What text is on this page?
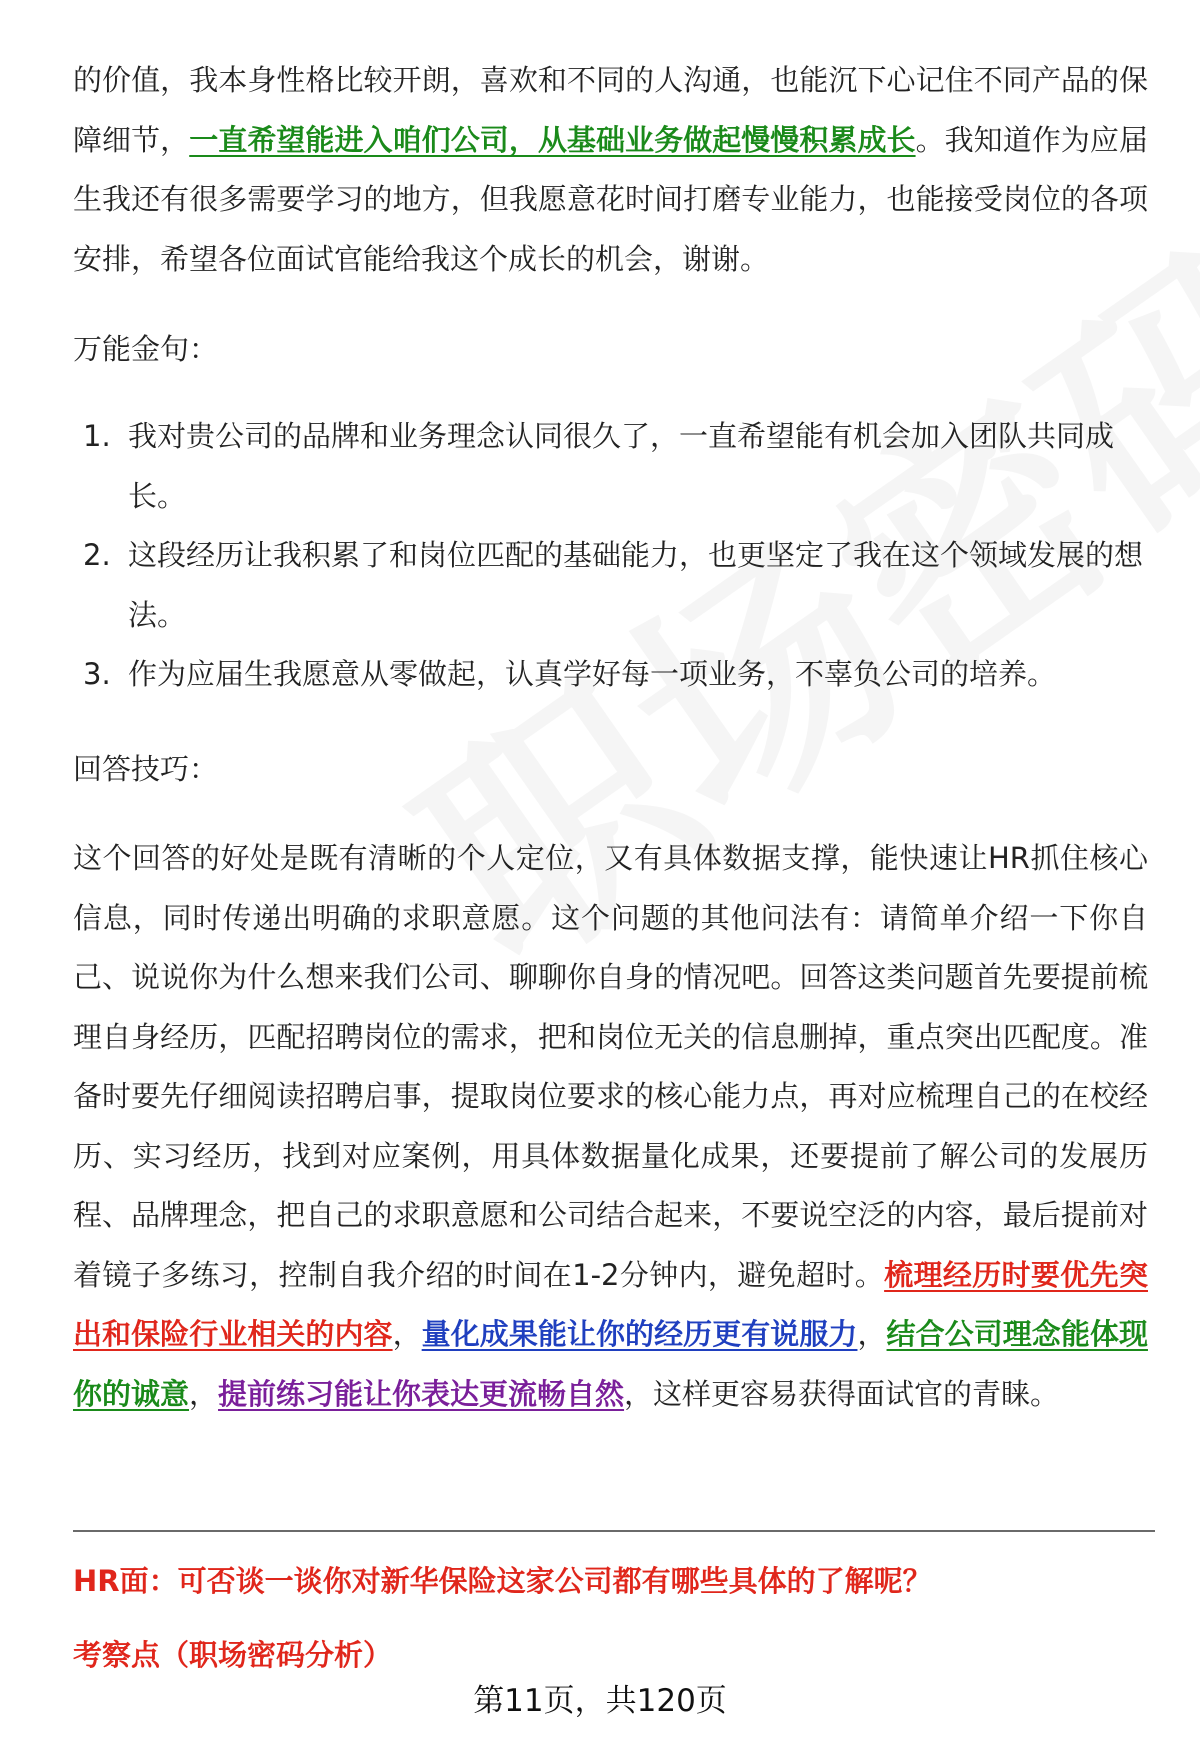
的价值，我本身性格比较开朗，喜欢和不同的人沟通，也能沉下心记住不同产品的保障细节，一直希望能进入咱们公司，从基础业务做起慢慢积累成长。我知道作为应届生我还有很多需要学习的地方，但我愿意花时间打磨专业能力，也能接受岗位的各项安排，希望各位面试官能给我这个成长的机会，谢谢。

万能金句：

1. 我对贵公司的品牌和业务理念认同很久了，一直希望能有机会加入团队共同成长。
2. 这段经历让我积累了和岗位匹配的基础能力，也更坚定了我在这个领域发展的想法。
3. 作为应届生我愿意从零做起，认真学好每一项业务，不辜负公司的培养。

回答技巧：

这个回答的好处是既有清晰的个人定位，又有具体数据支撑，能快速让HR抓住核心信息，同时传递出明确的求职意愿。这个问题的其他问法有：请简单介绍一下你自己、说说你为什么想来我们公司、聊聊你自身的情况吧。回答这类问题首先要提前梳理自身经历，匹配招聘岗位的需求，把和岗位无关的信息删掉，重点突出匹配度。准备时要先仔细阅读招聘启事，提取岗位要求的核心能力点，再对应梳理自己的在校经历、实习经历，找到对应案例，用具体数据量化成果，还要提前了解公司的发展历程、品牌理念，把自己的求职意愿和公司结合起来，不要说空泛的内容，最后提前对着镜子多练习，控制自我介绍的时间在1-2分钟内，避免超时。梳理经历时要优先突出和保险行业相关的内容，量化成果能让你的经历更有说服力，结合公司理念能体现你的诚意，提前练习能让你表达更流畅自然，这样更容易获得面试官的青睐。

HR面：可否谈一谈你对新华保险这家公司都有哪些具体的了解呢？

考察点（职场密码分析）

第11页，共120页
